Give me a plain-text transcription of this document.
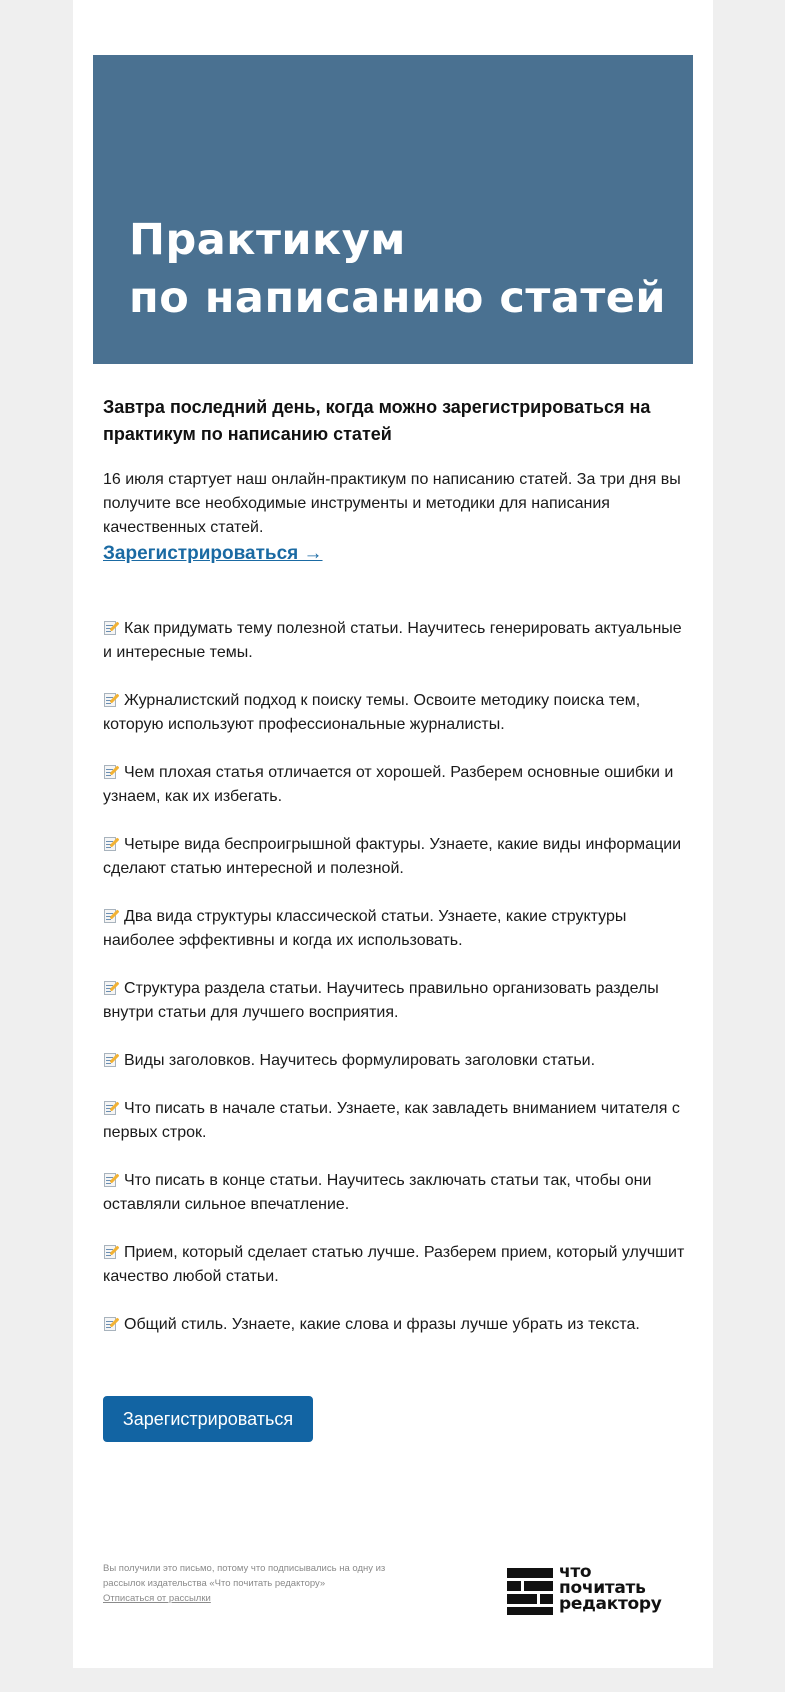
Практикум
по написанию статей

Завтра последний день, когда можно зарегистрироваться на практикум по написанию статей

16 июля стартует наш онлайн-практикум по написанию статей. За три дня вы получите все необходимые инструменты и методики для написания качественных статей.
Зарегистрироваться →

Как придумать тему полезной статьи. Научитесь генерировать актуальные и интересные темы.
Журналистский подход к поиску темы. Освоите методику поиска тем, которую используют профессиональные журналисты.
Чем плохая статья отличается от хорошей. Разберем основные ошибки и узнаем, как их избегать.
Четыре вида беспроигрышной фактуры. Узнаете, какие виды информации сделают статью интересной и полезной.
Два вида структуры классической статьи. Узнаете, какие структуры наиболее эффективны и когда их использовать.
Структура раздела статьи. Научитесь правильно организовать разделы внутри статьи для лучшего восприятия.
Виды заголовков. Научитесь формулировать заголовки статьи.
Что писать в начале статьи. Узнаете, как завладеть вниманием читателя с первых строк.
Что писать в конце статьи. Научитесь заключать статьи так, чтобы они оставляли сильное впечатление.
Прием, который сделает статью лучше. Разберем прием, который улучшит качество любой статьи.
Общий стиль. Узнаете, какие слова и фразы лучше убрать из текста.
Зарегистрироваться

Вы получили это письмо, потому что подписывались на одну из рассылок издательства «Что почитать редактору»

Отписаться от рассылки
что
почитать
редактору
